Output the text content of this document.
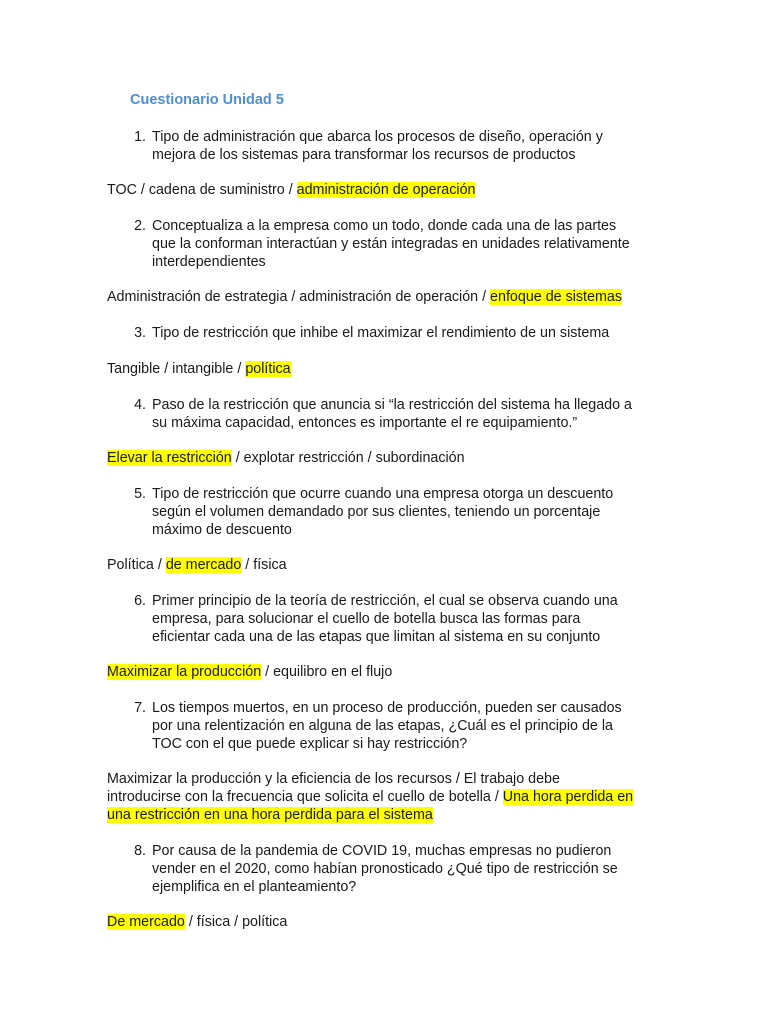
Cuestionario Unidad 5
1. Tipo de administración que abarca los procesos de diseño, operación y
mejora de los sistemas para transformar los recursos de productos
TOC / cadena de suministro / administración de operación
2. Conceptualiza a la empresa como un todo, donde cada una de las partes
que la conforman interactúan y están integradas en unidades relativamente
interdependientes
Administración de estrategia / administración de operación / enfoque de sistemas
3. Tipo de restricción que inhibe el maximizar el rendimiento de un sistema
Tangible / intangible / política
4. Paso de la restricción que anuncia si “la restricción del sistema ha llegado a
su máxima capacidad, entonces es importante el re equipamiento.”
Elevar la restricción / explotar restricción / subordinación
5. Tipo de restricción que ocurre cuando una empresa otorga un descuento
según el volumen demandado por sus clientes, teniendo un porcentaje
máximo de descuento
Política / de mercado / física
6. Primer principio de la teoría de restricción, el cual se observa cuando una
empresa, para solucionar el cuello de botella busca las formas para
eficientar cada una de las etapas que limitan al sistema en su conjunto
Maximizar la producción / equilibro en el flujo
7. Los tiempos muertos, en un proceso de producción, pueden ser causados
por una relentización en alguna de las etapas, ¿Cuál es el principio de la
TOC con el que puede explicar si hay restricción?
Maximizar la producción y la eficiencia de los recursos / El trabajo debe
introducirse con la frecuencia que solicita el cuello de botella / Una hora perdida en
una restricción en una hora perdida para el sistema
8. Por causa de la pandemia de COVID 19, muchas empresas no pudieron
vender en el 2020, como habían pronosticado ¿Qué tipo de restricción se
ejemplifica en el planteamiento?
De mercado / física / política
